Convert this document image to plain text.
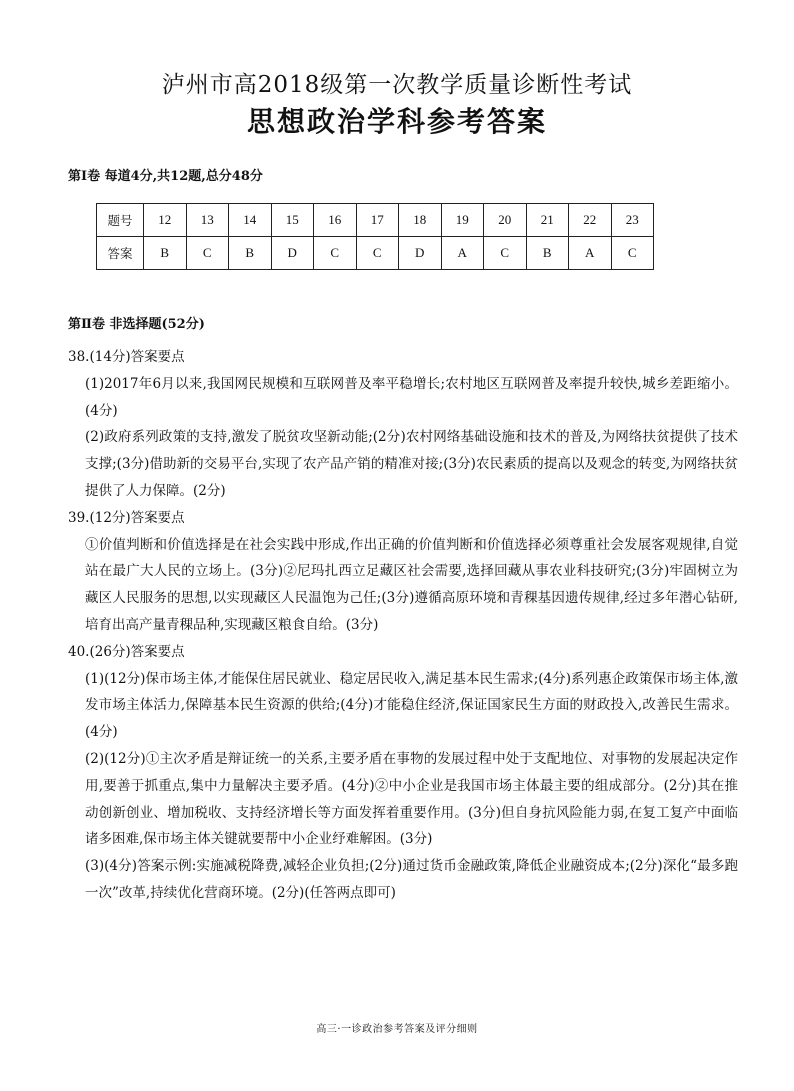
泸州市高2018级第一次教学质量诊断性考试
思想政治学科参考答案
第Ⅰ卷 每道4分,共12题,总分48分
题号	12	13	14	15	16	17	18	19	20	21	22	23
答案	B	C	B	D	C	C	D	A	C	B	A	C
第Ⅱ卷 非选择题(52分)

38.(14分)答案要点

(1)2017年6月以来,我国网民规模和互联网普及率平稳增长;农村地区互联网普及率提升较快,城乡差距缩小。(4分)

(2)政府系列政策的支持,激发了脱贫攻坚新动能;(2分)农村网络基础设施和技术的普及,为网络扶贫提供了技术支撑;(3分)借助新的交易平台,实现了农产品产销的精准对接;(3分)农民素质的提高以及观念的转变,为网络扶贫提供了人力保障。(2分)

39.(12分)答案要点

①价值判断和价值选择是在社会实践中形成,作出正确的价值判断和价值选择必须尊重社会发展客观规律,自觉站在最广大人民的立场上。(3分)②尼玛扎西立足藏区社会需要,选择回藏从事农业科技研究;(3分)牢固树立为藏区人民服务的思想,以实现藏区人民温饱为己任;(3分)遵循高原环境和青稞基因遗传规律,经过多年潜心钻研,培育出高产量青稞品种,实现藏区粮食自给。(3分)

40.(26分)答案要点

(1)(12分)保市场主体,才能保住居民就业、稳定居民收入,满足基本民生需求;(4分)系列惠企政策保市场主体,激发市场主体活力,保障基本民生资源的供给;(4分)才能稳住经济,保证国家民生方面的财政投入,改善民生需求。(4分)

(2)(12分)①主次矛盾是辩证统一的关系,主要矛盾在事物的发展过程中处于支配地位、对事物的发展起决定作用,要善于抓重点,集中力量解决主要矛盾。(4分)②中小企业是我国市场主体最主要的组成部分。(2分)其在推动创新创业、增加税收、支持经济增长等方面发挥着重要作用。(3分)但自身抗风险能力弱,在复工复产中面临诸多困难,保市场主体关键就要帮中小企业纾难解困。(3分)

(3)(4分)答案示例:实施减税降费,减轻企业负担;(2分)通过货币金融政策,降低企业融资成本;(2分)深化“最多跑一次”改革,持续优化营商环境。(2分)(任答两点即可)

高三·一诊政治参考答案及评分细则
